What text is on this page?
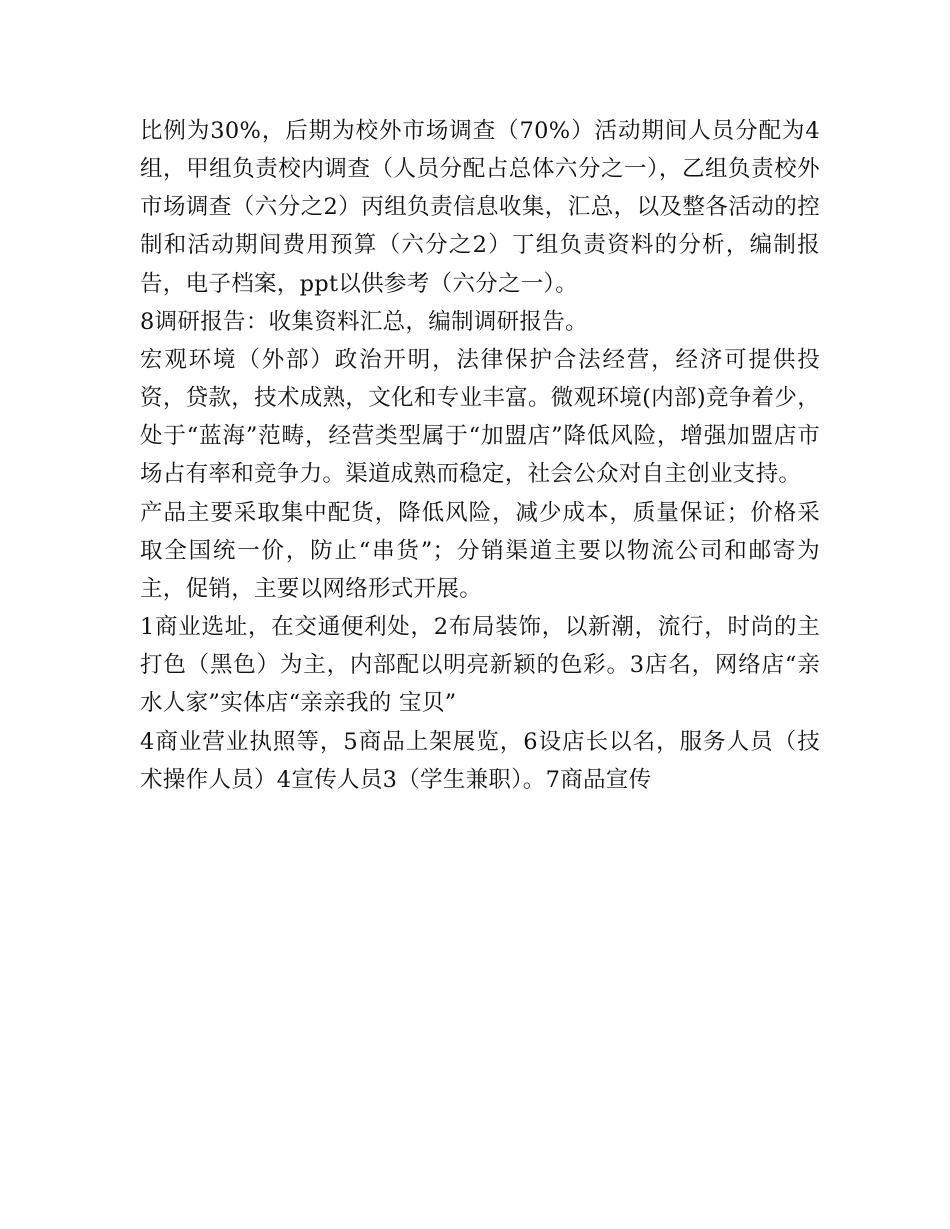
比例为30%，后期为校外市场调查（70%）活动期间人员分配为4组，甲组负责校内调查（人员分配占总体六分之一），乙组负责校外市场调查（六分之2）丙组负责信息收集，汇总，以及整各活动的控制和活动期间费用预算（六分之2）丁组负责资料的分析，编制报告，电子档案，ppt以供参考（六分之一）。

8调研报告：收集资料汇总，编制调研报告。

宏观环境（外部）政治开明，法律保护合法经营，经济可提供投资，贷款，技术成熟，文化和专业丰富。微观环境(内部)竞争着少，处于“蓝海”范畴，经营类型属于“加盟店”降低风险，增强加盟店市场占有率和竞争力。渠道成熟而稳定，社会公众对自主创业支持。

产品主要采取集中配货，降低风险，减少成本，质量保证；价格采取全国统一价，防止“串货”；分销渠道主要以物流公司和邮寄为主，促销，主要以网络形式开展。

1商业选址，在交通便利处，2布局装饰，以新潮，流行，时尚的主打色（黑色）为主，内部配以明亮新颖的色彩。3店名，网络店“亲水人家”实体店“亲亲我的 宝贝”

4商业营业执照等，5商品上架展览，6设店长以名，服务人员（技术操作人员）4宣传人员3（学生兼职）。7商品宣传
